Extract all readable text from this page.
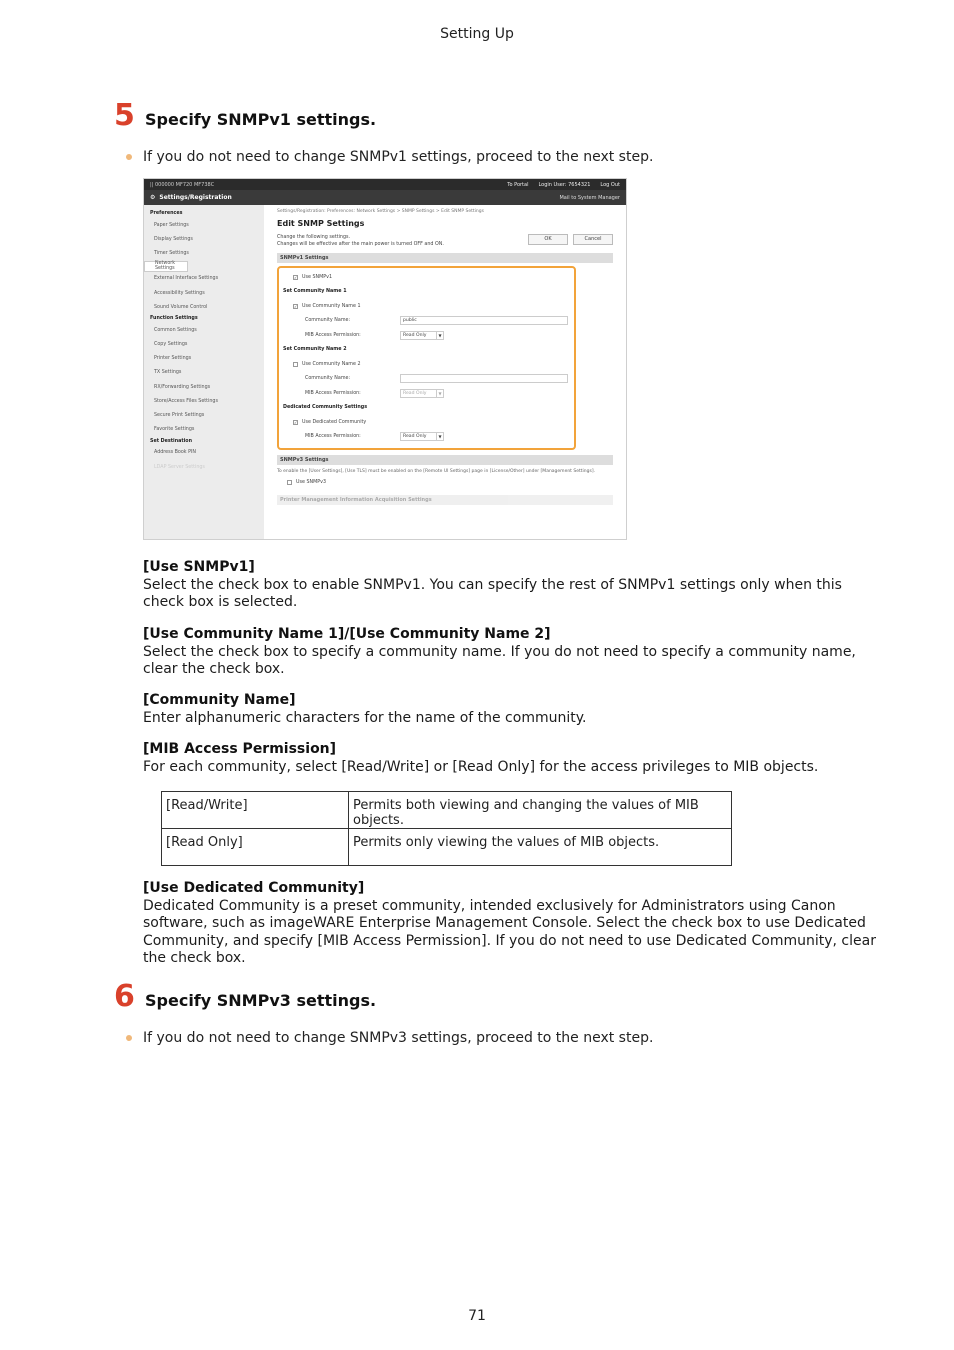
Setting Up
5 Specify SNMPv1 settings.
If you do not need to change SNMPv1 settings, proceed to the next step.
|| 000000 MF720 MF738C	To Portal Login User: 7654321 Log Out
⚙ Settings/Registration	Mail to System Manager
Preferences
Paper Settings
Display Settings
Timer Settings
Network Settings
External Interface Settings
Accessibility Settings
Sound Volume Control
Function Settings
Common Settings
Copy Settings
Printer Settings
TX Settings
RX/Forwarding Settings
Store/Access Files Settings
Secure Print Settings
Favorite Settings
Set Destination
Address Book PIN
LDAP Server Settings
Settings/Registration: Preferences: Network Settings > SNMP Settings > Edit SNMP Settings
Edit SNMP Settings
Change the following settings.
Changes will be effective after the main power is turned OFF and ON.
OK	Cancel
SNMPv1 Settings
✓ Use SNMPv1
Set Community Name 1
✓ Use Community Name 1
Community Name:	public
MIB Access Permission:	Read Only	▼
Set Community Name 2
Use Community Name 2
Community Name:
MIB Access Permission:	Read Only	▼
Dedicated Community Settings
✓ Use Dedicated Community
MIB Access Permission:	Read Only	▼
SNMPv3 Settings
To enable the [User Settings], [Use TLS] must be enabled on the [Remote UI Settings] page in [License/Other] under [Management Settings].
Use SNMPv3
Printer Management Information Acquisition Settings
[Use SNMPv1]
Select the check box to enable SNMPv1. You can specify the rest of SNMPv1 settings only when this check box is selected.
[Use Community Name 1]/[Use Community Name 2]
Select the check box to specify a community name. If you do not need to specify a community name, clear the check box.
[Community Name]
Enter alphanumeric characters for the name of the community.
[MIB Access Permission]
For each community, select [Read/Write] or [Read Only] for the access privileges to MIB objects.
[Read/Write]	Permits both viewing and changing the values of MIB objects.
[Read Only]	Permits only viewing the values of MIB objects.
[Use Dedicated Community]
Dedicated Community is a preset community, intended exclusively for Administrators using Canon software, such as imageWARE Enterprise Management Console. Select the check box to use Dedicated Community, and specify [MIB Access Permission]. If you do not need to use Dedicated Community, clear the check box.
6 Specify SNMPv3 settings.
If you do not need to change SNMPv3 settings, proceed to the next step.
71
